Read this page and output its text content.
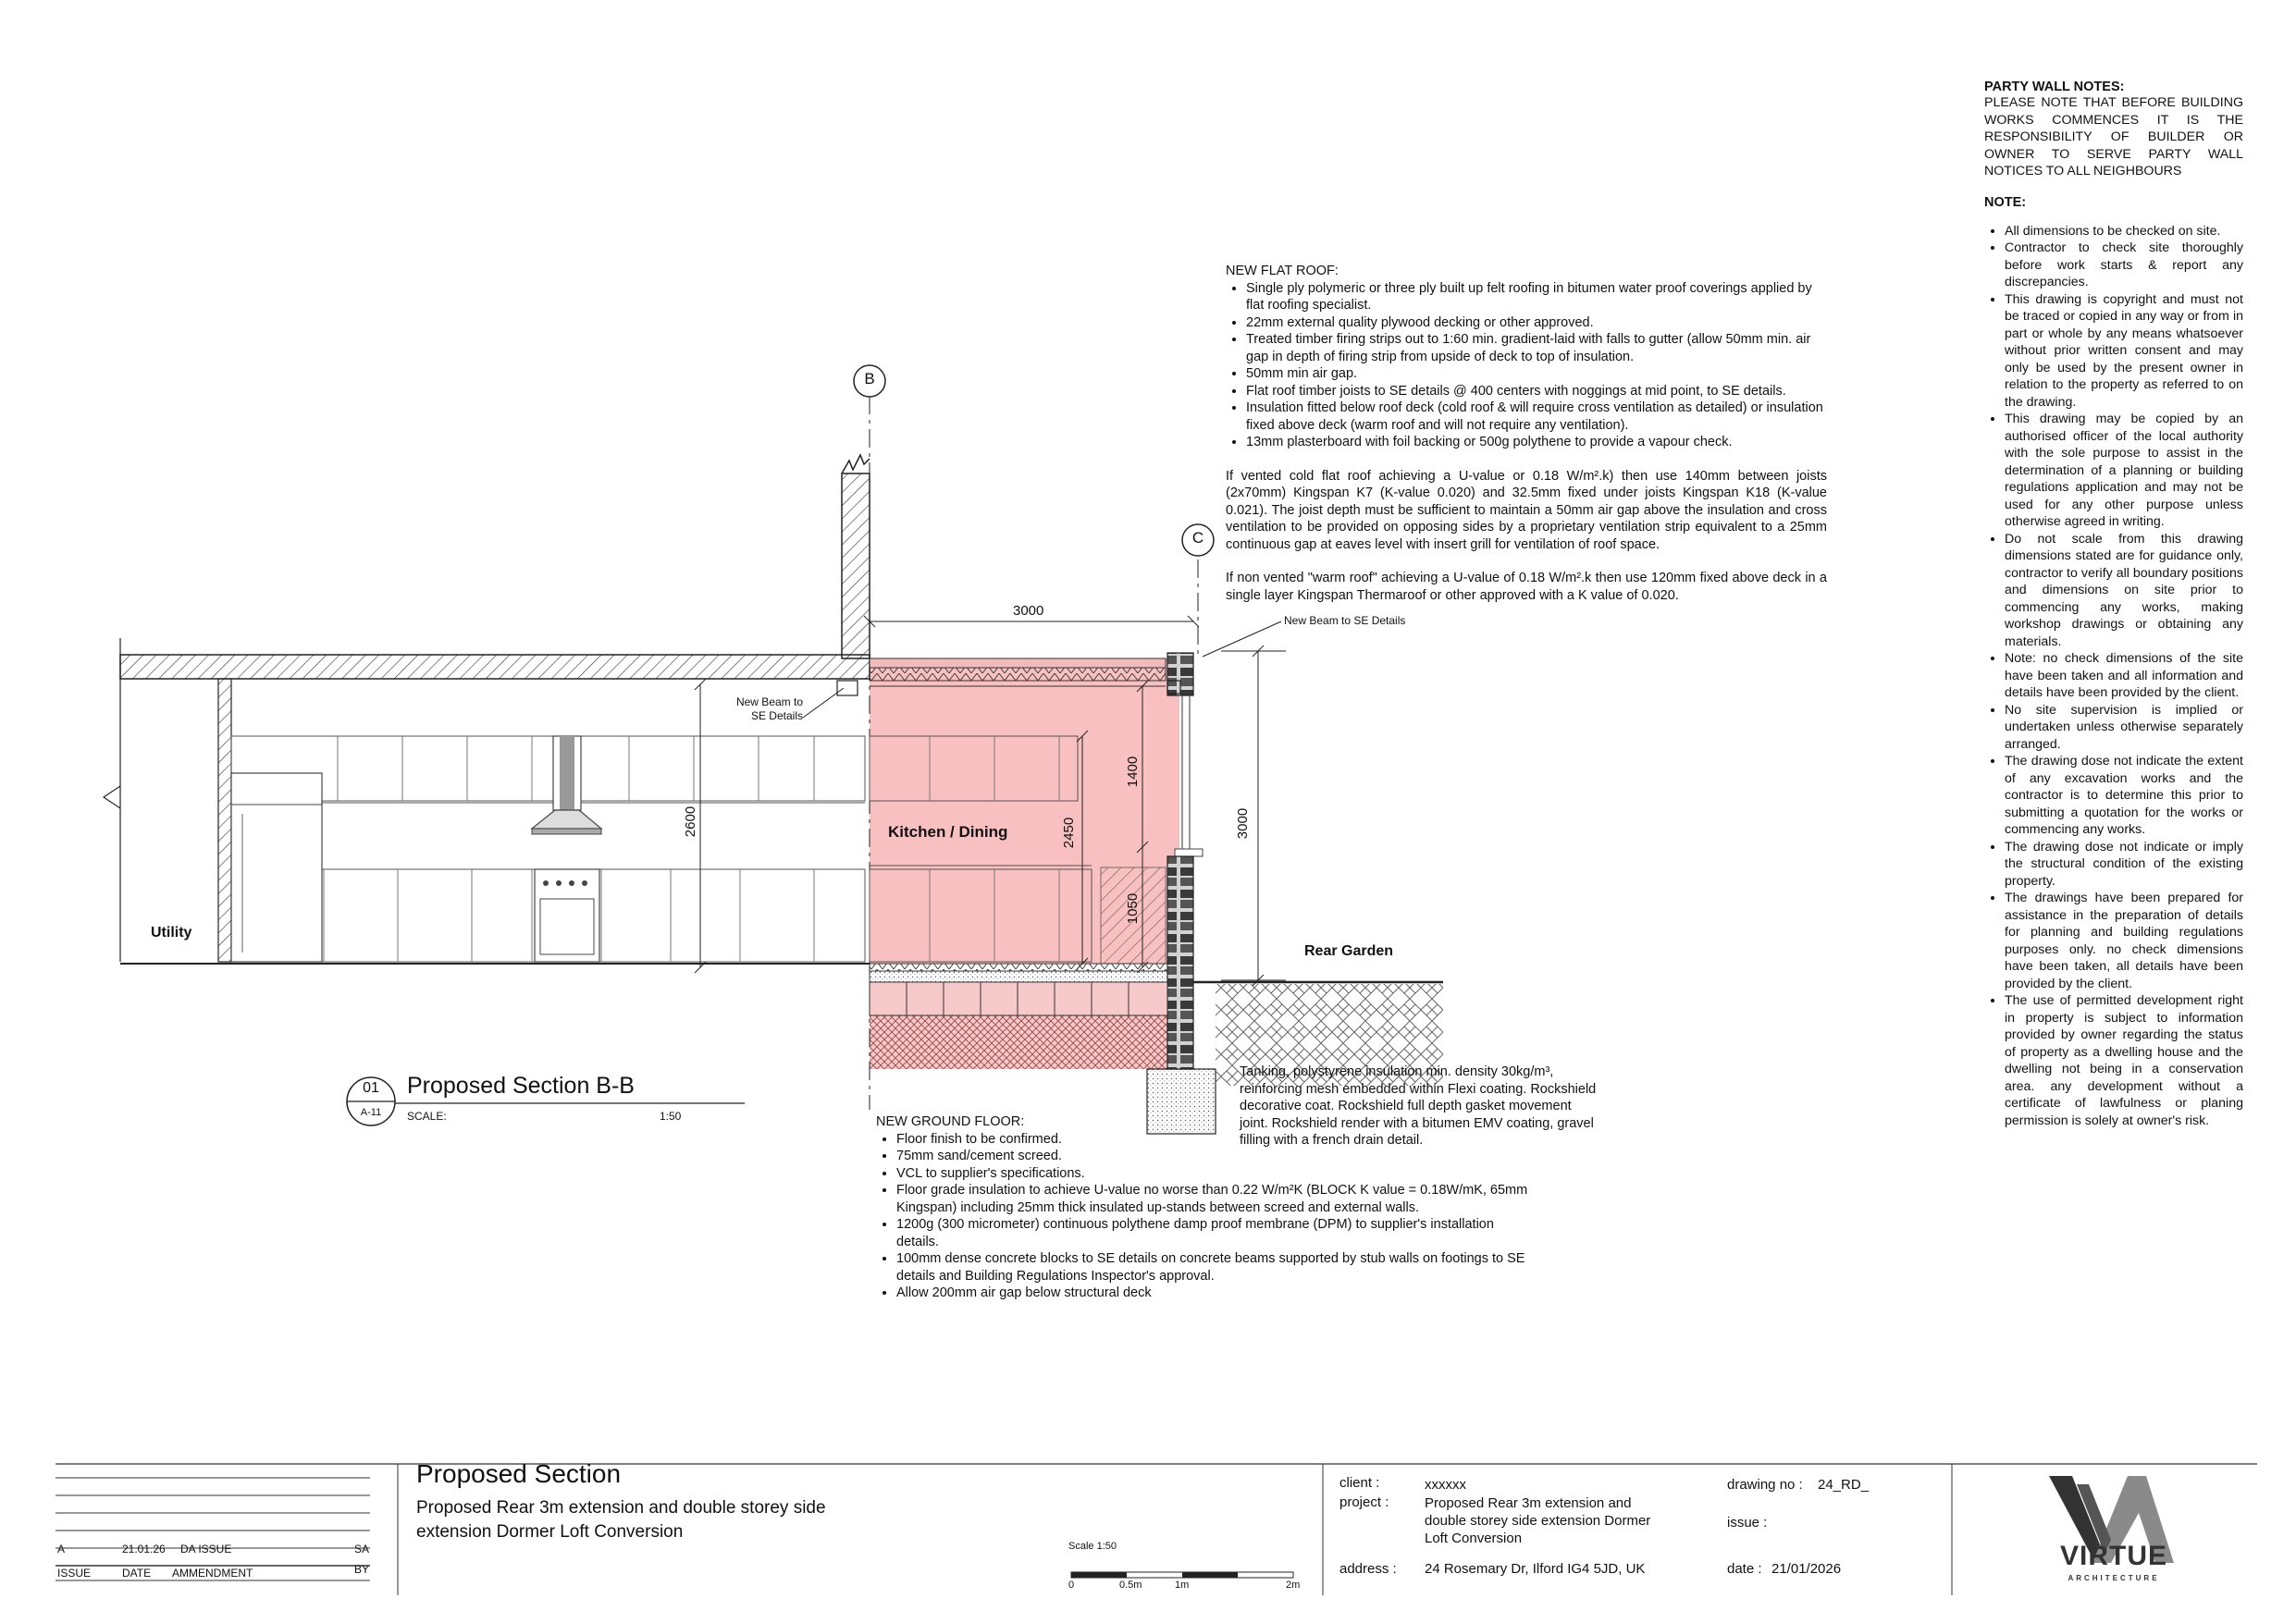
B
C
Utility
Kitchen / Dining
Rear Garden
3000
3000
2600	2450
1400
1050
New Beam to
SE Details
New Beam to SE Details
NEW FLAT ROOF:
• Single ply polymeric or three ply built up felt roofing in bitumen water proof coverings applied by flat roofing specialist.
• 22mm external quality plywood decking or other approved.
• Treated timber firing strips out to 1:60 min. gradient-laid with falls to gutter (allow 50mm min. air gap in depth of firing strip from upside of deck to top of insulation.
• 50mm min air gap.
• Flat roof timber joists to SE details @ 400 centers with noggings at mid point, to SE details.
• Insulation fitted below roof deck (cold roof & will require cross ventilation as detailed) or insulation fixed above deck (warm roof and will not require any ventilation).
• 13mm plasterboard with foil backing or 500g polythene to provide a vapour check.
If vented cold flat roof achieving a U-value or 0.18 W/m².k) then use 140mm between joists (2x70mm) Kingspan K7 (K-value 0.020) and 32.5mm fixed under joists Kingspan K18 (K-value 0.021). The joist depth must be sufficient to maintain a 50mm air gap above the insulation and cross ventilation to be provided on opposing sides by a proprietary ventilation strip equivalent to a 25mm continuous gap at eaves level with insert grill for ventilation of roof space.
If non vented "warm roof" achieving a U-value of 0.18 W/m².k then use 120mm fixed above deck in a single layer Kingspan Thermaroof or other approved with a K value of 0.020.
Tanking, polystyrene insulation min. density 30kg/m³, reinforcing mesh embedded within Flexi coating. Rockshield decorative coat. Rockshield full depth gasket movement joint. Rockshield render with a bitumen EMV coating, gravel filling with a french drain detail.
NEW GROUND FLOOR:
• Floor finish to be confirmed.
• 75mm sand/cement screed.
• VCL to supplier's specifications.
• Floor grade insulation to achieve U-value no worse than 0.22 W/m²K (BLOCK K value = 0.18W/mK, 65mm Kingspan) including 25mm thick insulated up-stands between screed and external walls.
• 1200g (300 micrometer) continuous polythene damp proof membrane (DPM) to supplier's installation details.
• 100mm dense concrete blocks to SE details on concrete beams supported by stub walls on footings to SE details and Building Regulations Inspector's approval.
• Allow 200mm air gap below structural deck
01
A-11
Proposed Section B-B
SCALE:	1:50
PARTY WALL NOTES:
PLEASE NOTE THAT BEFORE BUILDING WORKS COMMENCES IT IS THE RESPONSIBILITY OF BUILDER OR OWNER TO SERVE PARTY WALL NOTICES TO ALL NEIGHBOURS
NOTE:
• All dimensions to be checked on site.
• Contractor to check site thoroughly before work starts & report any discrepancies.
• This drawing is copyright and must not be traced or copied in any way or from in part or whole by any means whatsoever without prior written consent and may only be used by the present owner in relation to the property as referred to on the drawing.
• This drawing may be copied by an authorised officer of the local authority with the sole purpose to assist in the determination of a planning or building regulations application and may not be used for any other purpose unless otherwise agreed in writing.
• Do not scale from this drawing dimensions stated are for guidance only, contractor to verify all boundary positions and dimensions on site prior to commencing any works, making workshop drawings or obtaining any materials.
• Note: no check dimensions of the site have been taken and all information and details have been provided by the client.
• No site supervision is implied or undertaken unless otherwise separately arranged.
• The drawing dose not indicate the extent of any excavation works and the contractor is to determine this prior to submitting a quotation for the works or commencing any works.
• The drawing dose not indicate or imply the structural condition of the existing property.
• The drawings have been prepared for assistance in the preparation of details for planning and building regulations purposes only. no check dimensions have been taken, all details have been provided by the client.
• The use of permitted development right in property is subject to information provided by owner regarding the status of property as a dwelling house and the dwelling not being in a conservation area. any development without a certificate of lawfulness or planing permission is solely at owner's risk.
A	21.01.26 DA ISSUE	SA
ISSUE	DATE AMMENDMENT	BY
Proposed Section
Proposed Rear 3m extension and double storey side
extension Dormer Loft Conversion
Scale 1:50
0	0.5m	1m	2m
client :	xxxxxx
project :	Proposed Rear 3m extension and
double storey side extension Dormer
Loft Conversion
address : 24 Rosemary Dr, Ilford IG4 5JD, UK
drawing no : 24_RD_
issue :
date : 21/01/2026	VIRTUE
ARCHITECTURE
